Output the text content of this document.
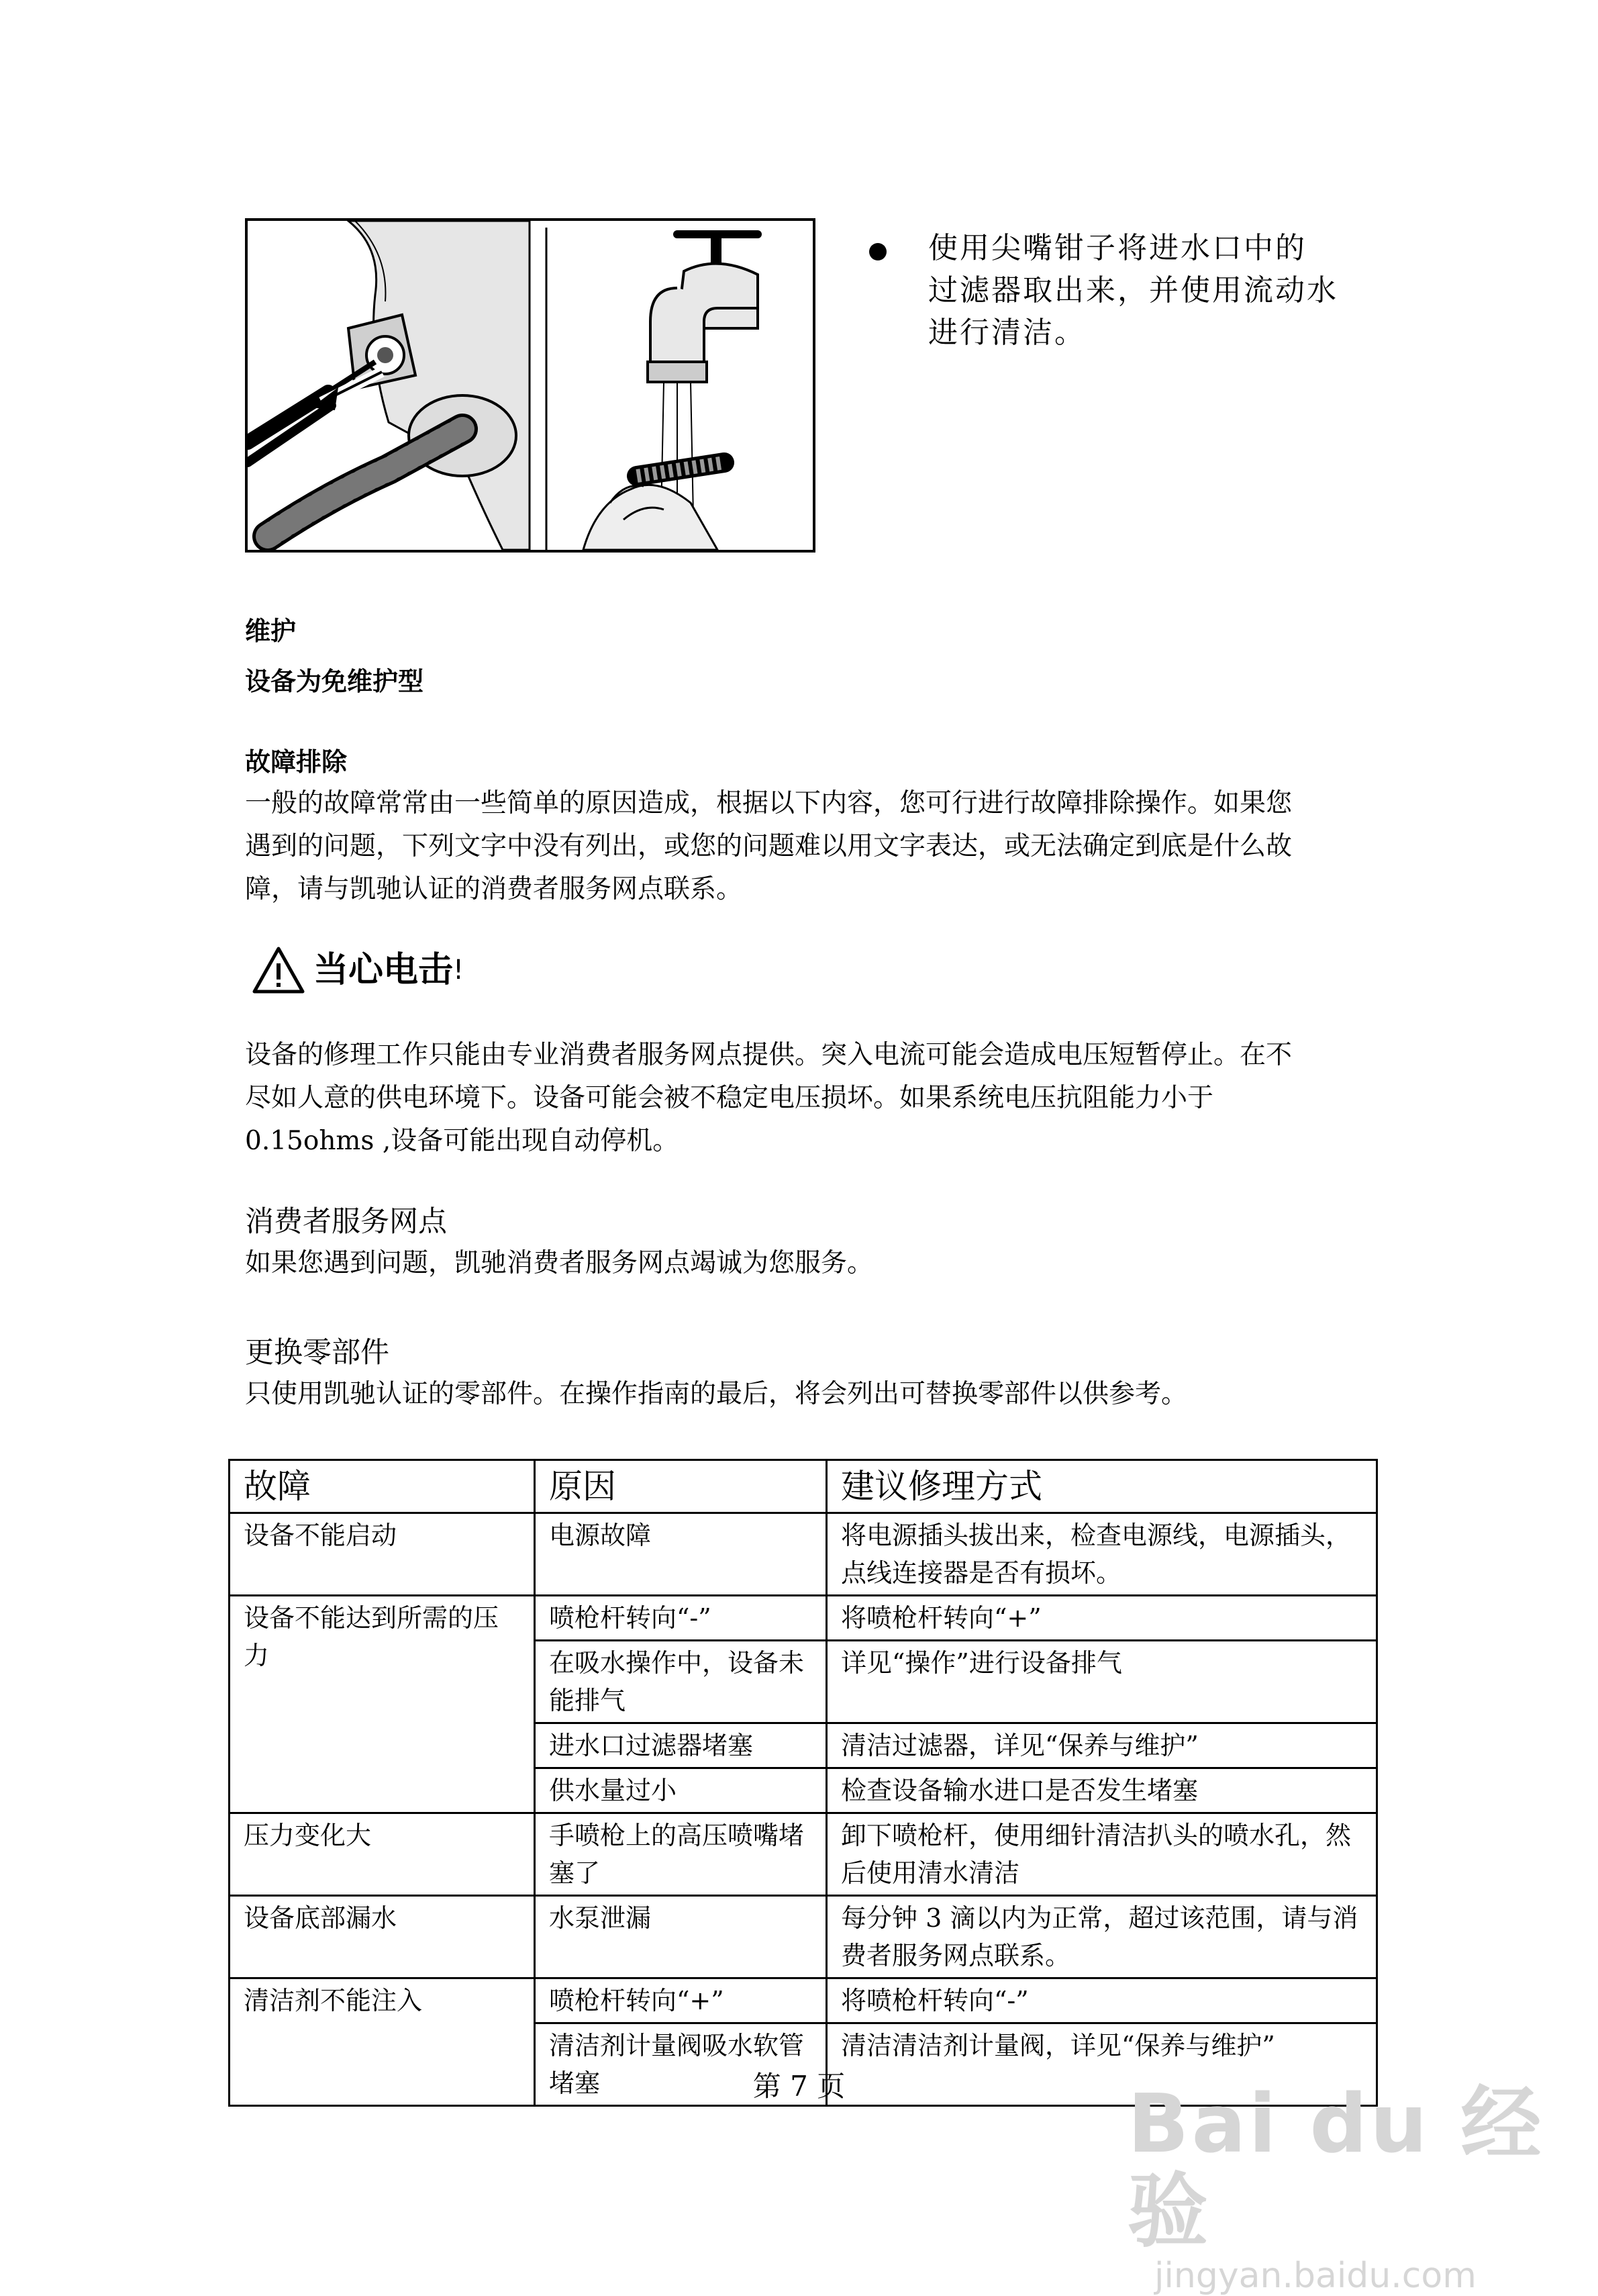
使用尖嘴钳子将进水口中的
过滤器取出来，并使用流动水
进行清洁。
维护
设备为免维护型
故障排除
一般的故障常常由一些简单的原因造成，根据以下内容，您可行进行故障排除操作。如果您
遇到的问题，下列文字中没有列出，或您的问题难以用文字表达，或无法确定到底是什么故
障，请与凯驰认证的消费者服务网点联系。
当心电击 !
设备的修理工作只能由专业消费者服务网点提供。突入电流可能会造成电压短暂停止。在不
尽如人意的供电环境下。设备可能会被不稳定电压损坏。如果系统电压抗阻能力小于
0.15ohms ,设备可能出现自动停机。
消费者服务网点
如果您遇到问题，凯驰消费者服务网点竭诚为您服务。
更换零部件
只使用凯驰认证的零部件。在操作指南的最后，将会列出可替换零部件以供参考。
故障	原因	建议修理方式
设备不能启动	电源故障	将电源插头拔出来，检查电源线，电源插头，点线连接器是否有损坏。
设备不能达到所需的压力	喷枪杆转向“-”	将喷枪杆转向“+”
	在吸水操作中，设备未能排气	详见“操作”进行设备排气
	进水口过滤器堵塞	清洁过滤器，详见“保养与维护”
	供水量过小	检查设备输水进口是否发生堵塞
压力变化大	手喷枪上的高压喷嘴堵塞了	卸下喷枪杆，使用细针清洁扒头的喷水孔，然后使用清水清洁
设备底部漏水	水泵泄漏	每分钟 3 滴以内为正常，超过该范围，请与消费者服务网点联系。
清洁剂不能注入	喷枪杆转向“+”	将喷枪杆转向“-”
	清洁剂计量阀吸水软管堵塞	清洁清洁剂计量阀，详见“保养与维护”
第 7 页	Bai du 经验
jingyan.baidu.com
